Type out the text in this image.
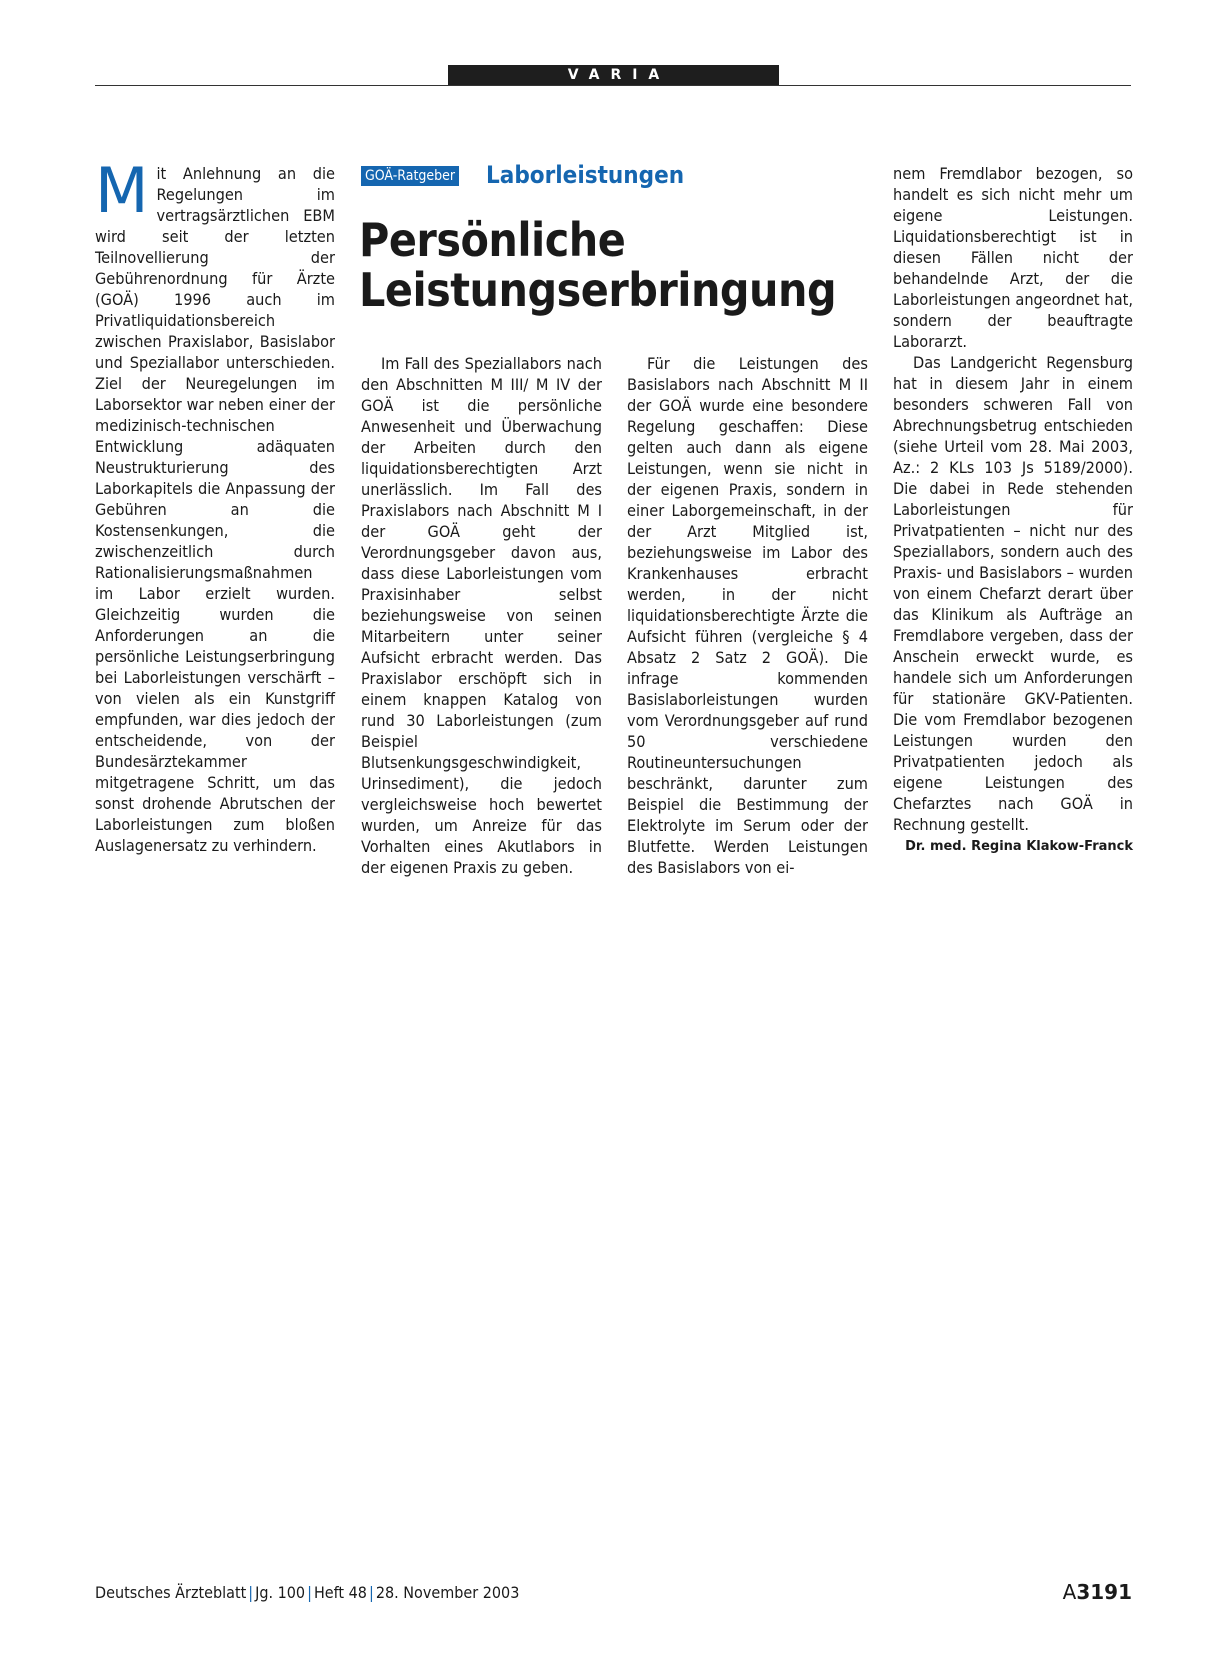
VARIA

Mit Anlehnung an die Regelungen im vertragsärztlichen EBM wird seit der letzten Teilnovellierung der Gebührenordnung für Ärzte (GOÄ) 1996 auch im Privatliquidationsbereich zwischen Praxislabor, Basislabor und Speziallabor unterschieden. Ziel der Neuregelungen im Laborsektor war neben einer der medizinisch-technischen Entwicklung adäquaten Neustrukturierung des Laborkapitels die Anpassung der Gebühren an die Kostensenkungen, die zwischenzeitlich durch Rationalisierungsmaßnahmen im Labor erzielt wurden. Gleichzeitig wurden die Anforderungen an die persönliche Leistungserbringung bei Laborleistungen verschärft – von vielen als ein Kunstgriff empfunden, war dies jedoch der entscheidende, von der Bundesärztekammer mitgetragene Schritt, um das sonst drohende Abrutschen der Laborleistungen zum bloßen Auslagenersatz zu verhindern.

GOÄ-Ratgeber Laborleistungen
Persönliche
Leistungserbringung

Im Fall des Speziallabors nach den Abschnitten M III/ M IV der GOÄ ist die persönliche Anwesenheit und Überwachung der Arbeiten durch den liquidationsberechtigten Arzt unerlässlich. Im Fall des Praxislabors nach Abschnitt M I der GOÄ geht der Verordnungsgeber davon aus, dass diese Laborleistungen vom Praxisinhaber selbst beziehungsweise von seinen Mitarbeitern unter seiner Aufsicht erbracht werden. Das Praxislabor erschöpft sich in einem knappen Katalog von rund 30 Laborleistungen (zum Beispiel Blutsenkungsgeschwindigkeit, Urinsediment), die jedoch vergleichsweise hoch bewertet wurden, um Anreize für das Vorhalten eines Akutlabors in der eigenen Praxis zu geben.

Für die Leistungen des Basislabors nach Abschnitt M II der GOÄ wurde eine besondere Regelung geschaffen: Diese gelten auch dann als eigene Leistungen, wenn sie nicht in der eigenen Praxis, sondern in einer Laborgemeinschaft, in der der Arzt Mitglied ist, beziehungsweise im Labor des Krankenhauses erbracht werden, in der nicht liquidationsberechtigte Ärzte die Aufsicht führen (vergleiche § 4 Absatz 2 Satz 2 GOÄ). Die infrage kommenden Basislaborleistungen wurden vom Verordnungsgeber auf rund 50 verschiedene Routineuntersuchungen beschränkt, darunter zum Beispiel die Bestimmung der Elektrolyte im Serum oder der Blutfette. Werden Leistungen des Basislabors von ei-

nem Fremdlabor bezogen, so handelt es sich nicht mehr um eigene Leistungen. Liquidationsberechtigt ist in diesen Fällen nicht der behandelnde Arzt, der die Laborleistungen angeordnet hat, sondern der beauftragte Laborarzt.

Das Landgericht Regensburg hat in diesem Jahr in einem besonders schweren Fall von Abrechnungsbetrug entschieden (siehe Urteil vom 28. Mai 2003, Az.: 2 KLs 103 Js 5189/2000). Die dabei in Rede stehenden Laborleistungen für Privatpatienten – nicht nur des Speziallabors, sondern auch des Praxis- und Basislabors – wurden von einem Chefarzt derart über das Klinikum als Aufträge an Fremdlabore vergeben, dass der Anschein erweckt wurde, es handele sich um Anforderungen für stationäre GKV-Patienten. Die vom Fremdlabor bezogenen Leistungen wurden den Privatpatienten jedoch als eigene Leistungen des Chefarztes nach GOÄ in Rechnung gestellt.

Dr. med. Regina Klakow-Franck
Deutsches Ärzteblatt | Jg. 100 | Heft 48 | 28. November 2003	A3191
